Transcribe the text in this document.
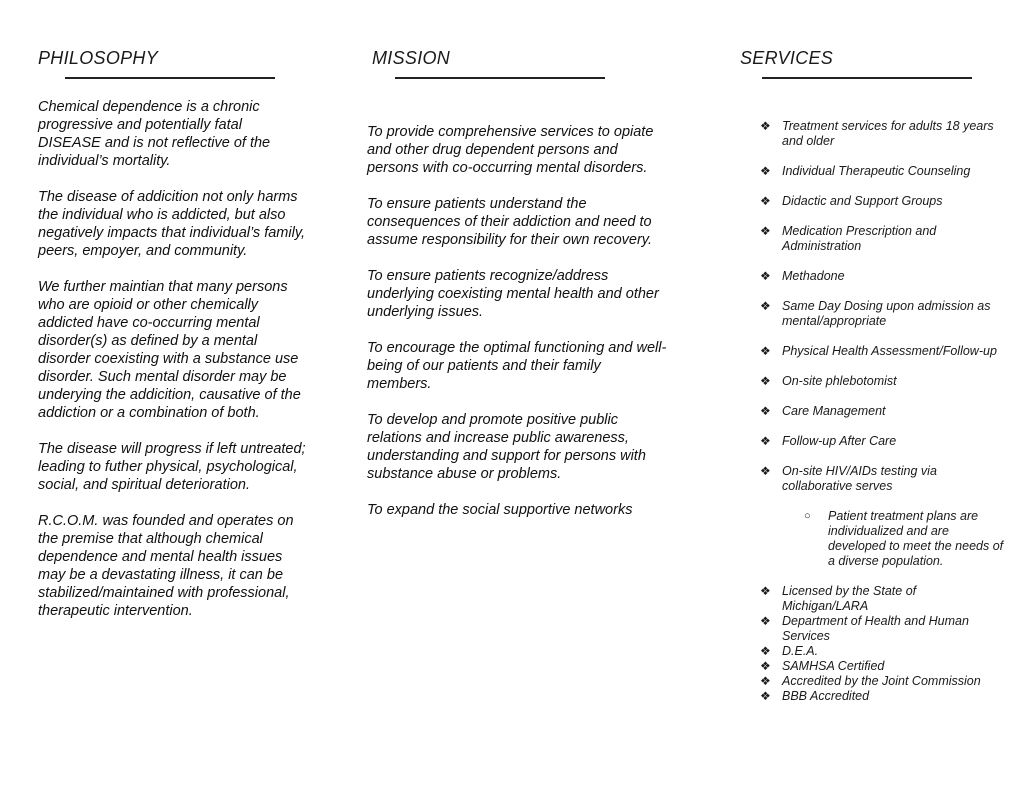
PHILOSOPHY	MISSION	SERVICES

Chemical dependence is a chronic progressive and potentially fatal DISEASE and is not reflective of the individual’s mortality.

The disease of addicition not only harms the individual who is addicted, but also negatively impacts that individual’s family, peers, empoyer, and community.

We further maintian that many persons who are opioid or other chemically addicted have co-occurring mental disorder(s) as defined by a mental disorder coexisting with a substance use disorder. Such mental disorder may be underying the addicition, causative of the addiction or a combination of both.

The disease will progress if left untreated; leading to futher physical, psychological, social, and spiritual deterioration.

R.C.O.M. was founded and operates on the premise that although chemical dependence and mental health issues may be a devastating illness, it can be stabilized/maintained with professional, therapeutic intervention.

To provide comprehensive services to opiate and other drug dependent persons and persons with co-occurring mental disorders.

To ensure patients understand the consequences of their addiction and need to assume responsibility for their own recovery.

To ensure patients recognize/address underlying coexisting mental health and other underlying issues.

To encourage the optimal functioning and well-being of our patients and their family members.

To develop and promote positive public relations and increase public awareness, understanding and support for persons with substance abuse or problems.

To expand the social supportive networks

❖ Treatment services for adults 18 years and older
❖ Individual Therapeutic Counseling
❖ Didactic and Support Groups
❖ Medication Prescription and Administration
❖ Methadone
❖ Same Day Dosing upon admission as mental/appropriate
❖ Physical Health Assessment/Follow-up
❖ On-site phlebotomist
❖ Care Management
❖ Follow-up After Care
❖ On-site HIV/AIDs testing via collaborative serves
○ Patient treatment plans are individualized and are developed to meet the needs of a diverse population.
❖ Licensed by the State of Michigan/LARA
❖ Department of Health and Human Services
❖ D.E.A.
❖ SAMHSA Certified
❖ Accredited by the Joint Commission
❖ BBB Accredited
